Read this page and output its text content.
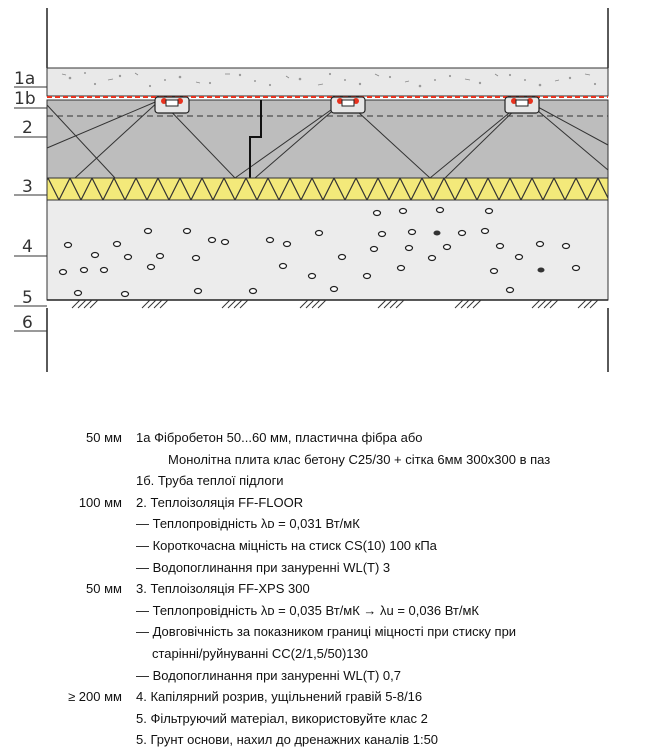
1a
1b
2
3
4
5
6
50 мм	1а Фібробетон 50...60 мм, пластична фібра або
Монолітна плита клас бетону С25/30 + сітка 6мм 300х300 в паз
1б. Труба теплої підлоги
100 мм	2. Теплоізоляція FF-FLOOR
— Теплопровідність λᴅ = 0,031 Вт/мК
— Короткочасна міцність на стиск CS(10) 100 кПа
— Водопоглинання при зануренні WL(T) 3
50 мм	3. Теплоізоляція FF-XPS 300
— Теплопровідність λᴅ = 0,035 Вт/мК → λu = 0,036 Вт/мК
— Довговічність за показником границі міцності при стиску при
старінні/руйнуванні СС(2/1,5/50)130
— Водопоглинання при зануренні WL(T) 0,7
≥ 200 мм	4. Капілярний розрив, ущільнений гравій 5-8/16
5. Фільтруючий матеріал, використовуйте клас 2
5. Грунт основи, нахил до дренажних каналів 1:50
